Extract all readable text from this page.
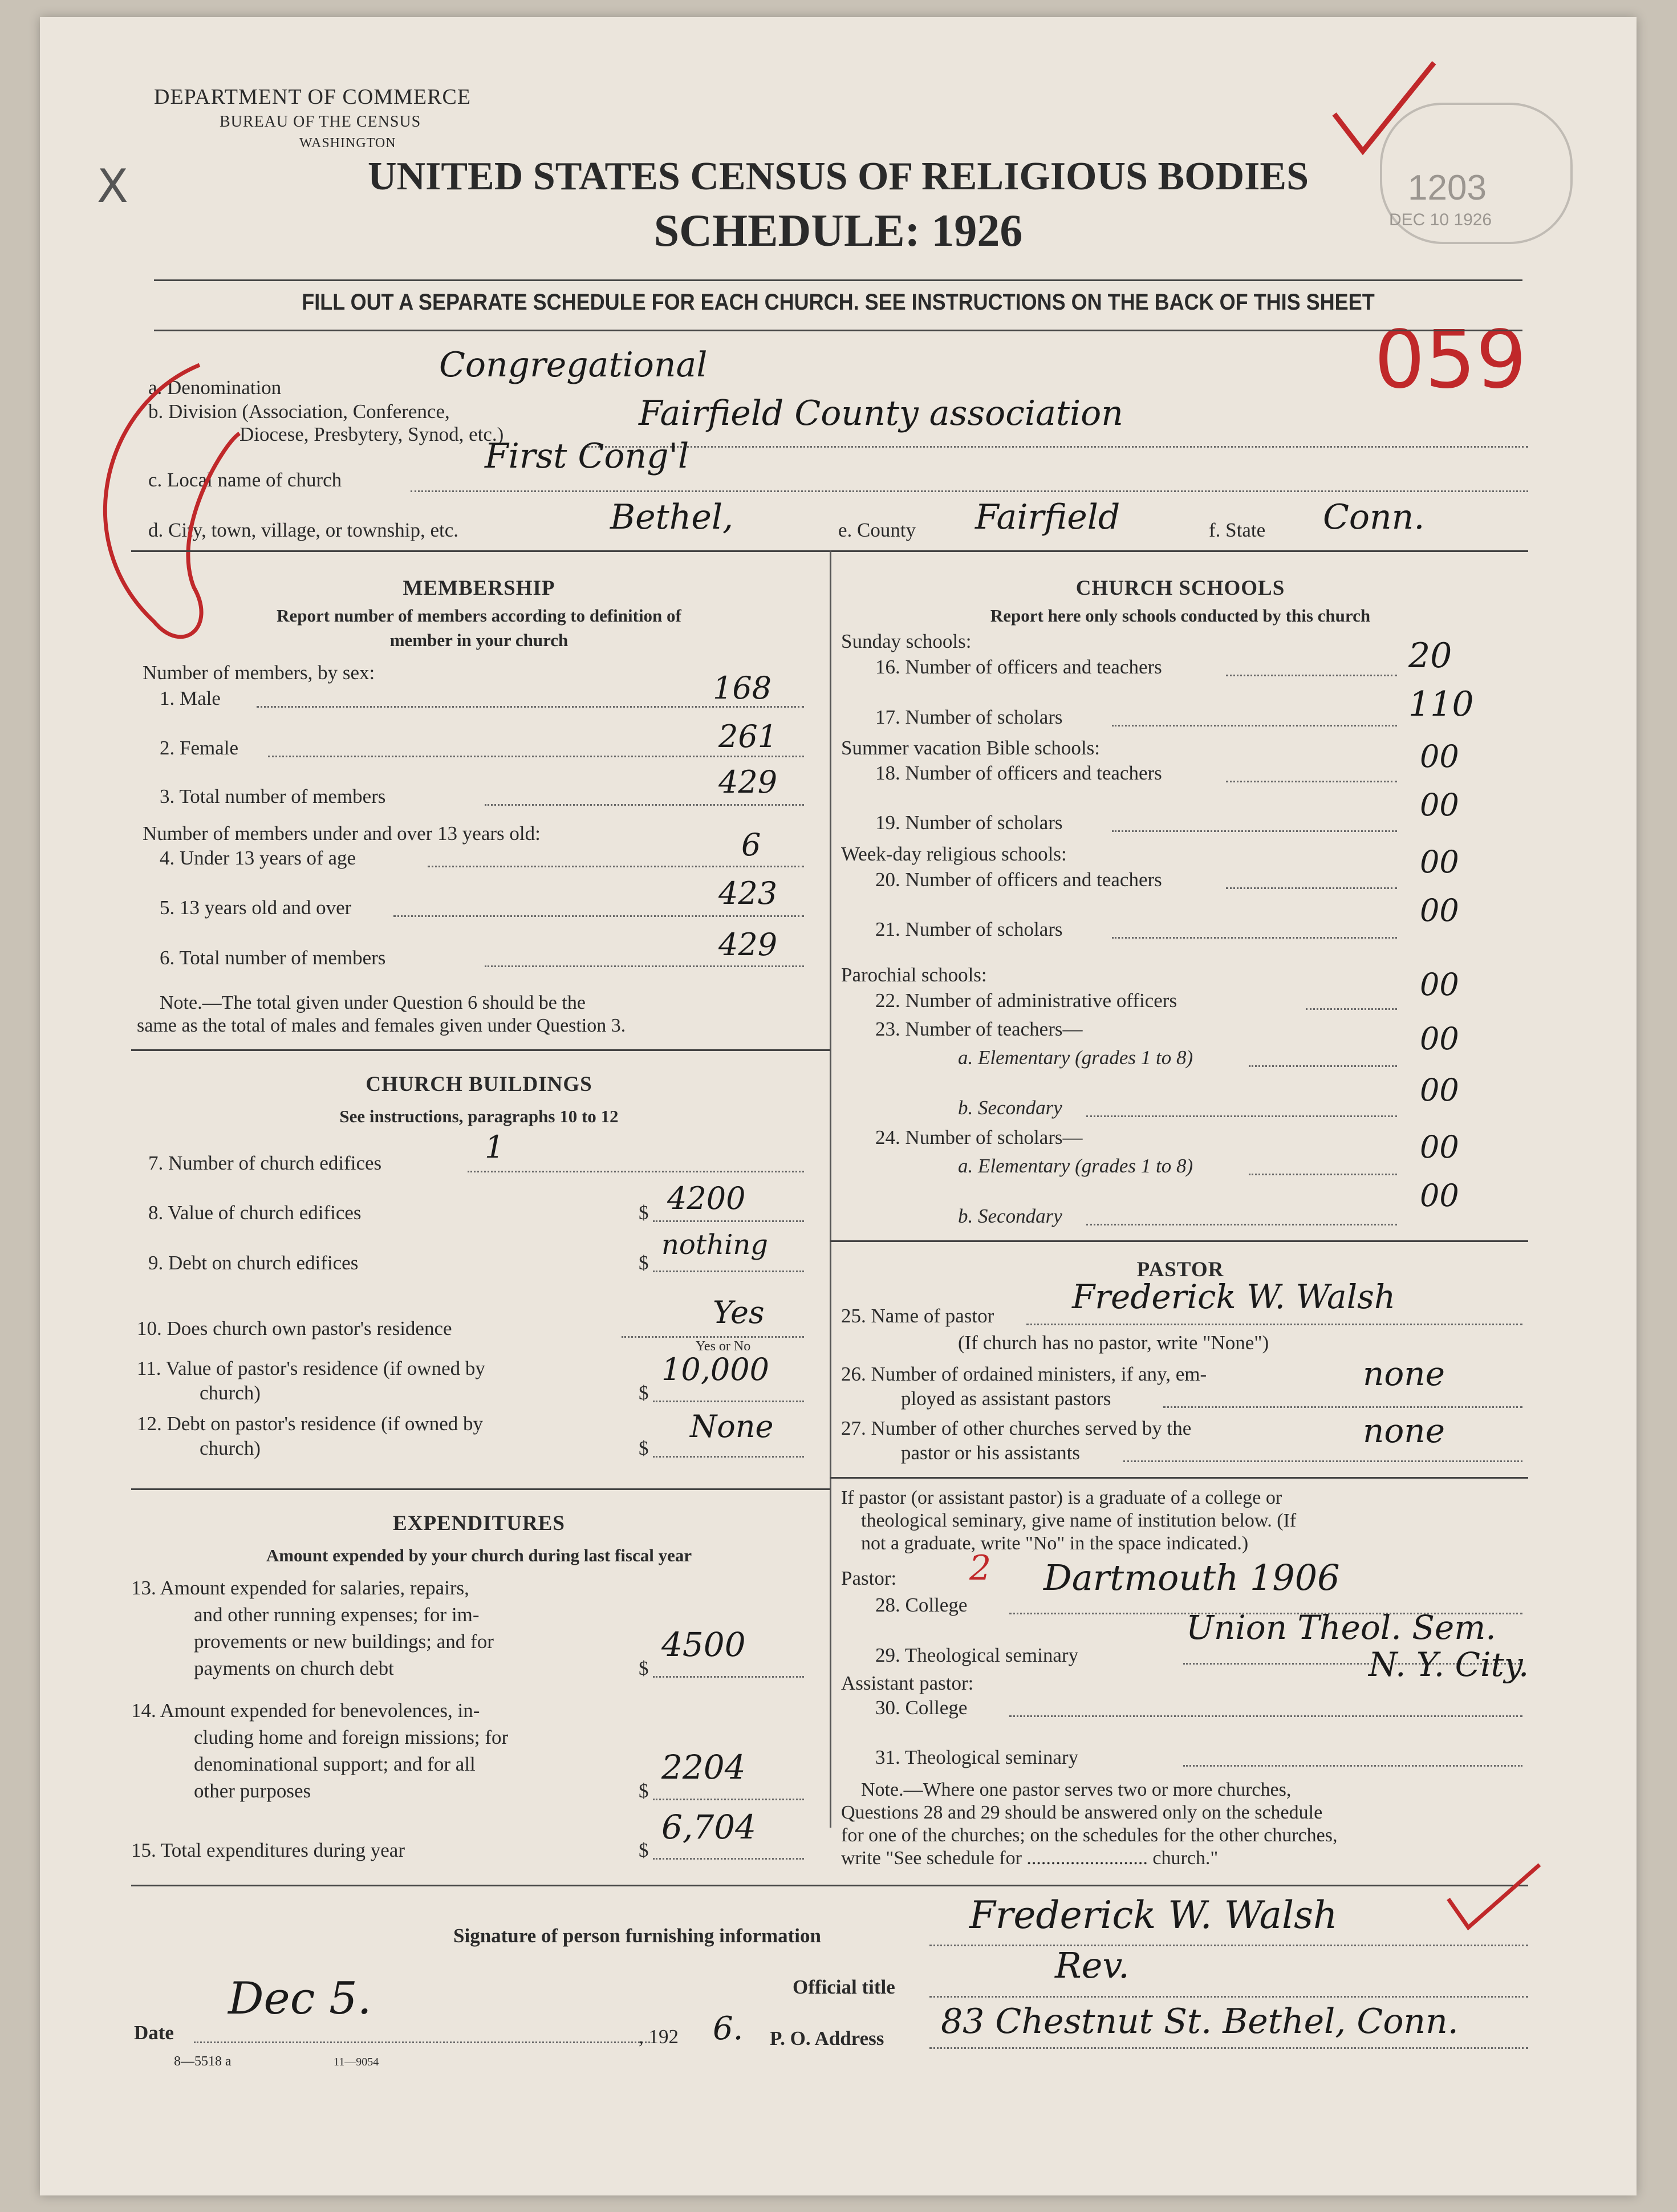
DEPARTMENT OF COMMERCE
BUREAU OF THE CENSUS
WASHINGTON
X	UNITED STATES CENSUS OF RELIGIOUS BODIES
SCHEDULE: 1926
1203
DEC 10 1926
059
FILL OUT A SEPARATE SCHEDULE FOR EACH CHURCH. SEE INSTRUCTIONS ON THE BACK OF THIS SHEET
a. Denomination
Congregational
b. Division (Association, Conference,
Diocese, Presbytery, Synod, etc.)
Fairfield County association
c. Local name of church
First Cong'l
d. City, town, village, or township, etc.	Bethel,	e. County Fairfield	f. State Conn.
MEMBERSHIP
Report number of members according to definition of
member in your church
Number of members, by sex:
1. Male	168
2. Female	261
3. Total number of members	429
Number of members under and over 13 years old:
4. Under 13 years of age	6
5. 13 years old and over	423
6. Total number of members	429
Note.—The total given under Question 6 should be the
same as the total of males and females given under Question 3.
CHURCH BUILDINGS
See instructions, paragraphs 10 to 12
7. Number of church edifices	1
8. Value of church edifices	$ 4200
9. Debt on church edifices	$
nothing
10. Does church own pastor's residence	Yes
Yes or No
11. Value of pastor's residence (if owned by
church)	$
10,000
12. Debt on pastor's residence (if owned by
church)	$
None
EXPENDITURES
Amount expended by your church during last fiscal year
13. Amount expended for salaries, repairs,
and other running expenses; for im-
provements or new buildings; and for
payments on church debt	$
4500
14. Amount expended for benevolences, in-
cluding home and foreign missions; for
denominational support; and for all
other purposes	$
2204
15. Total expenditures during year	$
6,704
CHURCH SCHOOLS
Report here only schools conducted by this church
Sunday schools:
16. Number of officers and teachers	20
17. Number of scholars	110
Summer vacation Bible schools:
18. Number of officers and teachers	00
19. Number of scholars	00
Week-day religious schools:
20. Number of officers and teachers	00
21. Number of scholars
00
Parochial schools:
22. Number of administrative officers	00
23. Number of teachers—
a. Elementary (grades 1 to 8)
00
b. Secondary	00
24. Number of scholars—
a. Elementary (grades 1 to 8)
00
b. Secondary
00
PASTOR
25. Name of pastor Frederick W. Walsh
(If church has no pastor, write "None")
26. Number of ordained ministers, if any, em-
ployed as assistant pastors
none
27. Number of other churches served by the
pastor or his assistants
none
If pastor (or assistant pastor) is a graduate of a college or
theological seminary, give name of institution below. (If
not a graduate, write "No" in the space indicated.)
Pastor: 2
28. College
Dartmouth 1906
29. Theological seminary
Union Theol. Sem.
N. Y. City.
Assistant pastor:
30. College
31. Theological seminary
Note.—Where one pastor serves two or more churches,
Questions 28 and 29 should be answered only on the schedule
for one of the churches; on the schedules for the other churches,
write "See schedule for ......................... church."
Signature of person furnishing information	Frederick W. Walsh
Official title
Rev.
Date
Dec 5.
, 192 6. P. O. Address 83 Chestnut St. Bethel, Conn.
8—5518 a	11—9054
